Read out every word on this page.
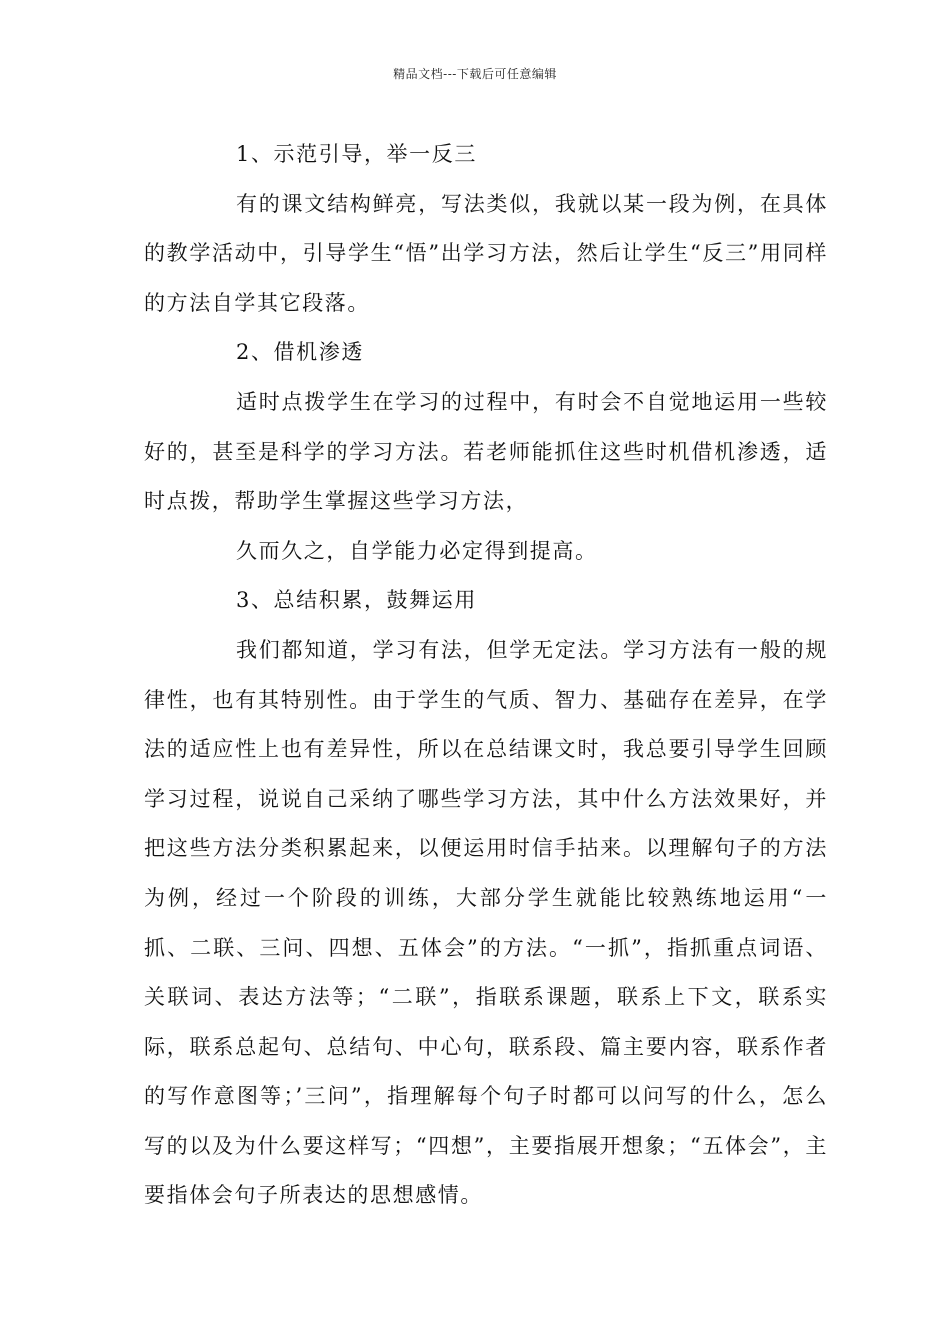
精品文档---下载后可任意编辑

1、示范引导，举一反三

有的课文结构鲜亮，写法类似，我就以某一段为例，在具体的教学活动中，引导学生“悟”出学习方法，然后让学生“反三”用同样的方法自学其它段落。

2、借机渗透

适时点拨学生在学习的过程中，有时会不自觉地运用一些较好的，甚至是科学的学习方法。若老师能抓住这些时机借机渗透，适时点拨，帮助学生掌握这些学习方法，

久而久之，自学能力必定得到提高。

3、总结积累，鼓舞运用

我们都知道，学习有法，但学无定法。学习方法有一般的规律性，也有其特别性。由于学生的气质、智力、基础存在差异，在学法的适应性上也有差异性，所以在总结课文时，我总要引导学生回顾学习过程，说说自己采纳了哪些学习方法，其中什么方法效果好，并把这些方法分类积累起来，以便运用时信手拈来。以理解句子的方法为例，经过一个阶段的训练，大部分学生就能比较熟练地运用“一抓、二联、三问、四想、五体会”的方法。“一抓”，指抓重点词语、关联词、表达方法等；“二联”，指联系课题，联系上下文，联系实际，联系总起句、总结句、中心句，联系段、篇主要内容，联系作者的写作意图等；’三问”，指理解每个句子时都可以问写的什么，怎么写的以及为什么要这样写；“四想”，主要指展开想象；“五体会”，主要指体会句子所表达的思想感情。
